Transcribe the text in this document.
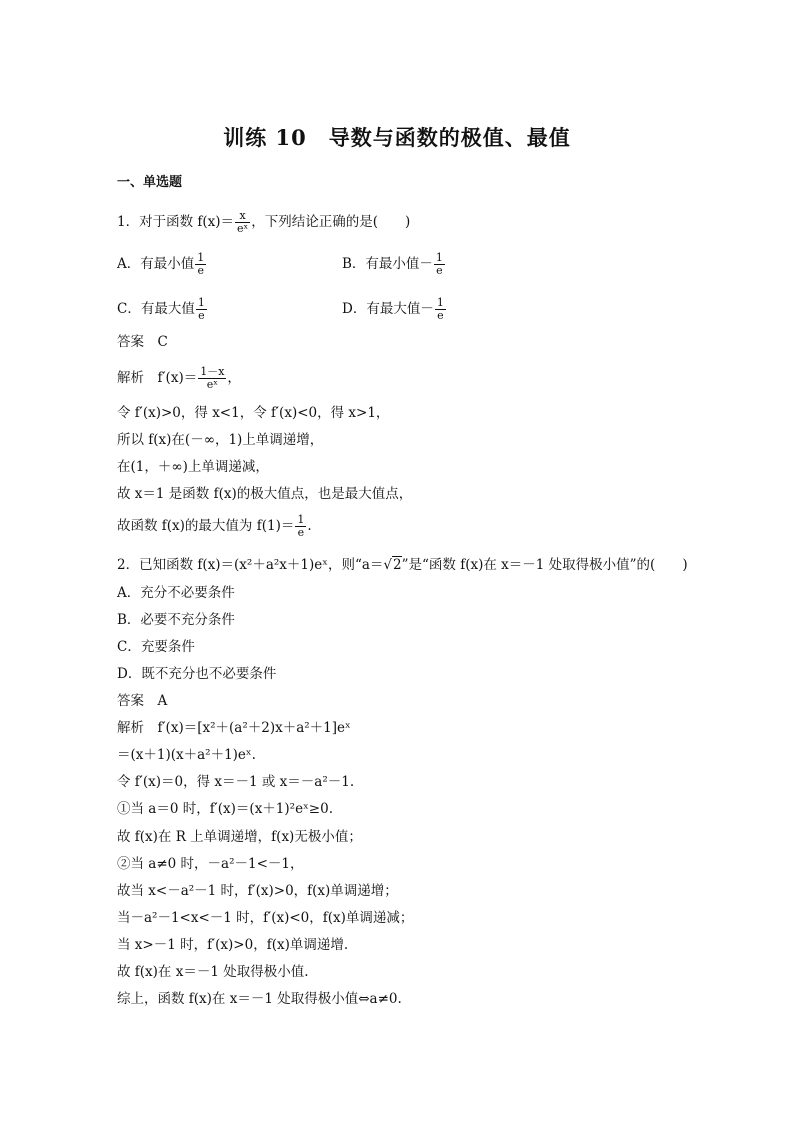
训练 10　导数与函数的极值、最值
一、单选题
1．对于函数 $f(x)= \frac{x}{\text{eˣ}}$ ，下列结论正确的是(　　)
A．有最小值 $\frac{1}{e}$	B．有最小值－ $\frac{1}{e}$
C．有最大值 $\frac{1}{e}$	D．有最大值－ $\frac{1}{e}$
答案　C
解析　$f'(x)= \frac{1-x}{\text{eˣ}}$ ，
令 f′(x)>0，得 x<1，令 f′(x)<0，得 x>1，
所以 f(x)在(－∞，1)上单调递增，
在(1，＋∞)上单调递减，
故 x＝1 是函数 f(x)的极大值点，也是最大值点，
故函数 f(x)的最大值为 $f(1)= \frac{1}{e}$ .
2．已知函数 f(x)＝(x²＋a²x＋1)eˣ，则“a＝√2”是“函数 f(x)在 x＝－1 处取得极小值”的(　　)
A．充分不必要条件
B．必要不充分条件
C．充要条件
D．既不充分也不必要条件
答案　A
解析　f′(x)＝[x²＋(a²＋2)x＋a²＋1]eˣ
＝(x＋1)(x＋a²＋1)eˣ.
令 f′(x)＝0，得 x＝－1 或 x＝－a²－1.
①当 a＝0 时，f′(x)＝(x＋1)²eˣ≥0.
故 f(x)在 R 上单调递增，f(x)无极小值；
②当 a≠0 时，－a²－1<－1，
故当 x<－a²－1 时，f′(x)>0，f(x)单调递增；
当－a²－1<x<－1 时，f′(x)<0，f(x)单调递减；
当 x>－1 时，f′(x)>0，f(x)单调递增.
故 f(x)在 x＝－1 处取得极小值.
综上，函数 f(x)在 x＝－1 处取得极小值⇔a≠0.
